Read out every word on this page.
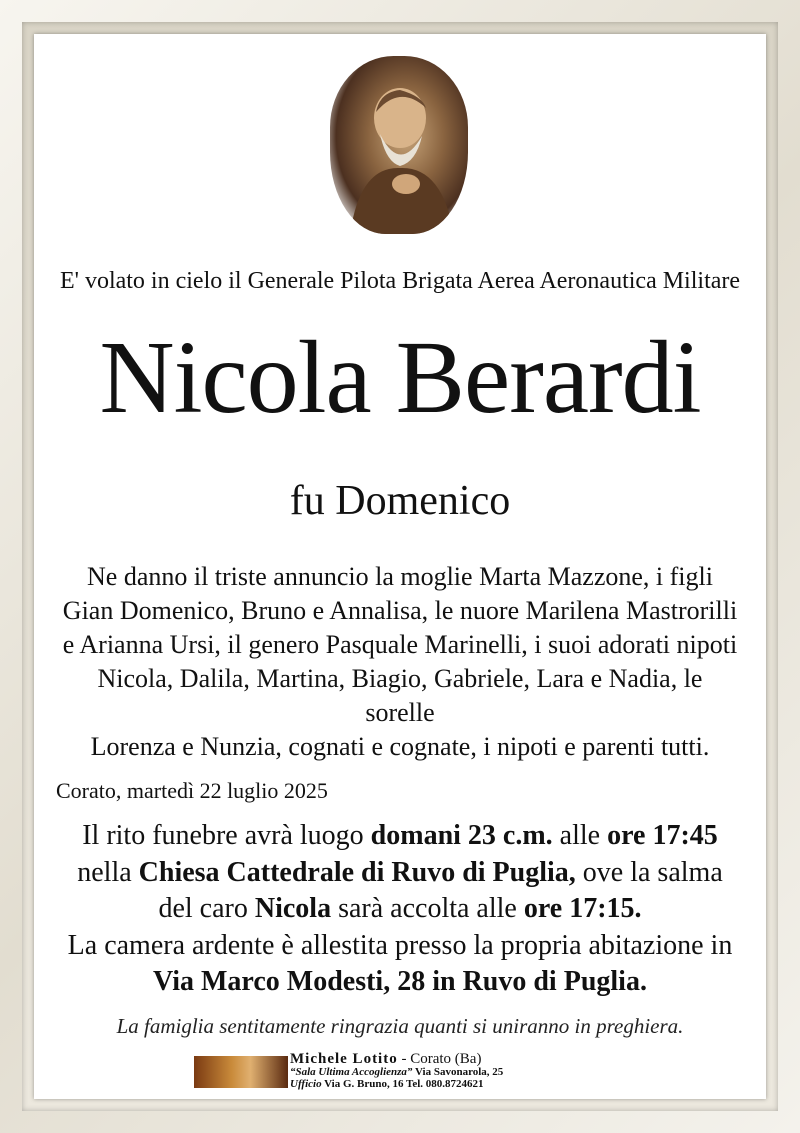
E' volato in cielo il Generale Pilota Brigata Aerea Aeronautica Militare
Nicola Berardi
fu Domenico
Ne danno il triste annuncio la moglie Marta Mazzone, i figli
Gian Domenico, Bruno e Annalisa, le nuore Marilena Mastrorilli
e Arianna Ursi, il genero Pasquale Marinelli, i suoi adorati nipoti
Nicola, Dalila, Martina, Biagio, Gabriele, Lara e Nadia, le sorelle
Lorenza e Nunzia, cognati e cognate, i nipoti e parenti tutti.
Corato, martedì 22 luglio 2025
Il rito funebre avrà luogo domani 23 c.m. alle ore 17:45
nella Chiesa Cattedrale di Ruvo di Puglia, ove la salma
del caro Nicola sarà accolta alle ore 17:15.
La camera ardente è allestita presso la propria abitazione in
Via Marco Modesti, 28 in Ruvo di Puglia.
La famiglia sentitamente ringrazia quanti si uniranno in preghiera.
Michele Lotito - Corato (Ba)
“Sala Ultima Accoglienza” Via Savonarola, 25
Ufficio Via G. Bruno, 16 Tel. 080.8724621
